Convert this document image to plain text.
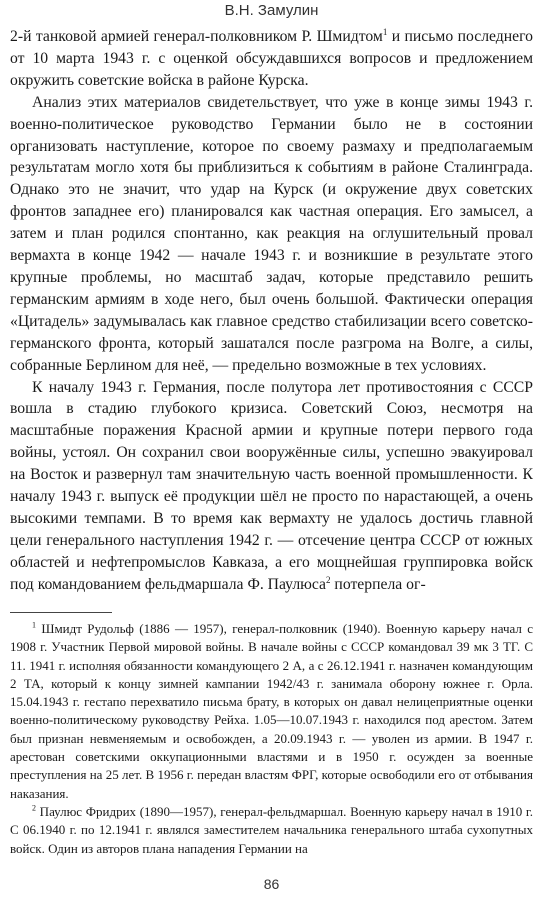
В.Н. Замулин

2-й танковой армией генерал-полковником Р. Шмидтом$^1$ и письмо последнего от 10 марта 1943 г. с оценкой обсуждавшихся вопросов и предложением окружить советские войска в районе Курска.

Анализ этих материалов свидетельствует, что уже в конце зимы 1943 г. военно-политическое руководство Германии было не в состоянии организовать наступление, которое по своему размаху и предполагаемым результатам могло хотя бы приблизиться к событиям в районе Сталинграда. Однако это не значит, что удар на Курск (и окружение двух советских фронтов западнее его) планировался как частная операция. Его замысел, а затем и план родился спонтанно, как реакция на оглушительный провал вермахта в конце 1942 — начале 1943 г. и возникшие в результате этого крупные проблемы, но масштаб задач, которые представило решить германским армиям в ходе него, был очень большой. Фактически операция «Цитадель» задумывалась как главное средство стабилизации всего советско-германского фронта, который зашатался после разгрома на Волге, а силы, собранные Берлином для неё, — предельно возможные в тех условиях.

К началу 1943 г. Германия, после полутора лет противостояния с СССР вошла в стадию глубокого кризиса. Советский Союз, несмотря на масштабные поражения Красной армии и крупные потери первого года войны, устоял. Он сохранил свои вооружённые силы, успешно эвакуировал на Восток и развернул там значительную часть военной промышленности. К началу 1943 г. выпуск её продукции шёл не просто по нарастающей, а очень высокими темпами. В то время как вермахту не удалось достичь главной цели генерального наступления 1942 г. — отсечение центра СССР от южных областей и нефтепромыслов Кавказа, а его мощнейшая группировка войск под командованием фельдмаршала Ф. Паулюса$^2$ потерпела ог-

$^1$ Шмидт Рудольф (1886 — 1957), генерал-полковник (1940). Военную карьеру начал с 1908 г. Участник Первой мировой войны. В начале войны с СССР командовал 39 мк 3 ТГ. С 11. 1941 г. исполняя обязанности командующего 2 А, а с 26.12.1941 г. назначен командующим 2 ТА, который к концу зимней кампании 1942/43 г. занимала оборону южнее г. Орла. 15.04.1943 г. гестапо перехватило письма брату, в которых он давал нелицеприятные оценки военно-политическому руководству Рейха. 1.05—10.07.1943 г. находился под арестом. Затем был признан невменяемым и освобожден, а 20.09.1943 г. — уволен из армии. В 1947 г. арестован советскими оккупационными властями и в 1950 г. осужден за военные преступления на 25 лет. В 1956 г. передан властям ФРГ, которые освободили его от отбывания наказания.

$^2$ Паулюс Фридрих (1890—1957), генерал-фельдмаршал. Военную карьеру начал в 1910 г. С 06.1940 г. по 12.1941 г. являлся заместителем начальника генерального штаба сухопутных войск. Один из авторов плана нападения Германии на

86
